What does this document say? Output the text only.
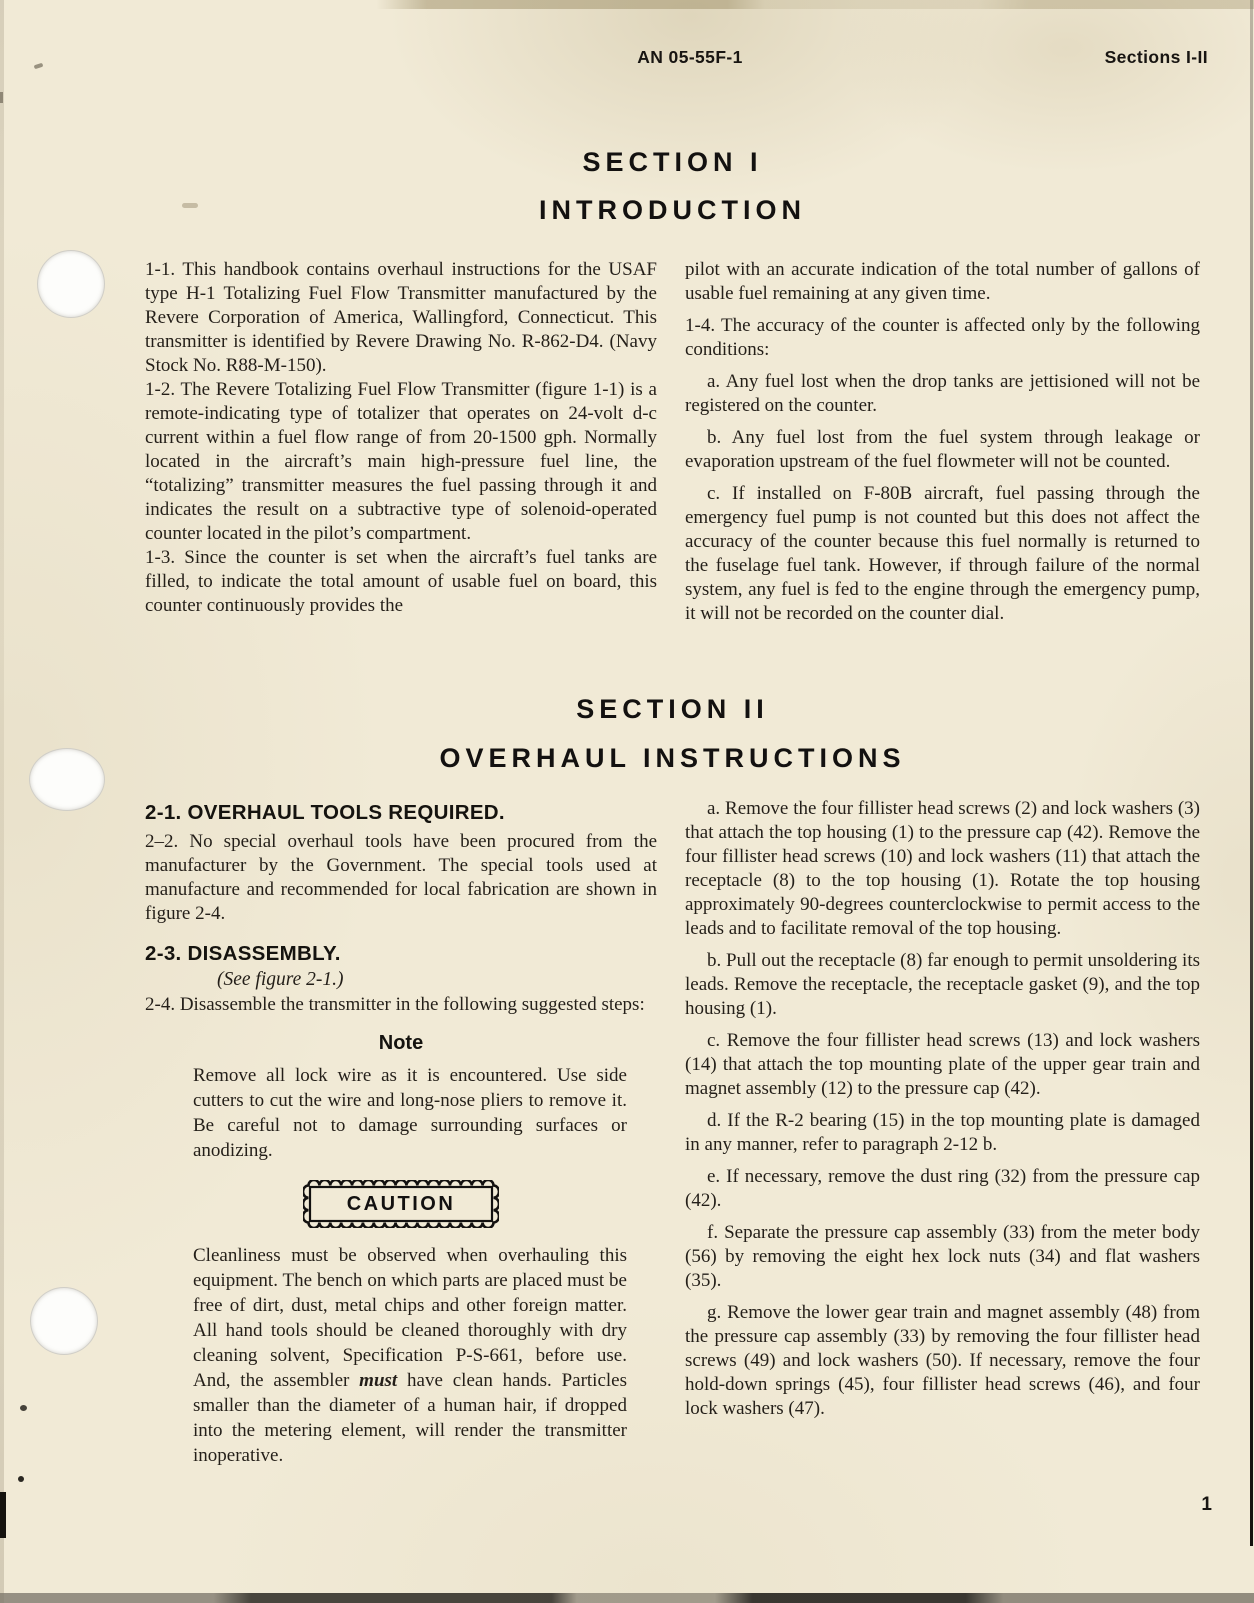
AN 05-55F-1	Sections I-II
SECTION I
INTRODUCTION

1-1. This handbook contains overhaul instructions for the USAF type H-1 Totalizing Fuel Flow Transmitter manufactured by the Revere Corporation of America, Wallingford, Connecticut. This transmitter is identified by Revere Drawing No. R-862-D4. (Navy Stock No. R88-M-150).

1-2. The Revere Totalizing Fuel Flow Transmitter (figure 1-1) is a remote-indicating type of totalizer that operates on 24-volt d-c current within a fuel flow range of from 20-1500 gph. Normally located in the aircraft’s main high-pressure fuel line, the “totalizing” transmitter measures the fuel passing through it and indicates the result on a subtractive type of solenoid-operated counter located in the pilot’s compartment.

1-3. Since the counter is set when the aircraft’s fuel tanks are filled, to indicate the total amount of usable fuel on board, this counter continuously provides the

pilot with an accurate indication of the total number of gallons of usable fuel remaining at any given time.

1-4. The accuracy of the counter is affected only by the following conditions:

a. Any fuel lost when the drop tanks are jettisioned will not be registered on the counter.

b. Any fuel lost from the fuel system through leakage or evaporation upstream of the fuel flowmeter will not be counted.

c. If installed on F-80B aircraft, fuel passing through the emergency fuel pump is not counted but this does not affect the accuracy of the counter because this fuel normally is returned to the fuselage fuel tank. However, if through failure of the normal system, any fuel is fed to the engine through the emergency pump, it will not be recorded on the counter dial.

SECTION II
OVERHAUL INSTRUCTIONS
2-1. OVERHAUL TOOLS REQUIRED.

2–2. No special overhaul tools have been procured from the manufacturer by the Government. The special tools used at manufacture and recommended for local fabrication are shown in figure 2-4.

2-3. DISASSEMBLY.

(See figure 2-1.)

2-4. Disassemble the transmitter in the following suggested steps:

Note

Remove all lock wire as it is encountered. Use side cutters to cut the wire and long-nose pliers to remove it. Be careful not to damage surrounding surfaces or anodizing.

CAUTION

Cleanliness must be observed when overhauling this equipment. The bench on which parts are placed must be free of dirt, dust, metal chips and other foreign matter. All hand tools should be cleaned thoroughly with dry cleaning solvent, Specification P-S-661, before use. And, the assembler must have clean hands. Particles smaller than the diameter of a human hair, if dropped into the metering element, will render the transmitter inoperative.

a. Remove the four fillister head screws (2) and lock washers (3) that attach the top housing (1) to the pressure cap (42). Remove the four fillister head screws (10) and lock washers (11) that attach the receptacle (8) to the top housing (1). Rotate the top housing approximately 90-degrees counterclockwise to permit access to the leads and to facilitate removal of the top housing.

b. Pull out the receptacle (8) far enough to permit unsoldering its leads. Remove the receptacle, the receptacle gasket (9), and the top housing (1).

c. Remove the four fillister head screws (13) and lock washers (14) that attach the top mounting plate of the upper gear train and magnet assembly (12) to the pressure cap (42).

d. If the R-2 bearing (15) in the top mounting plate is damaged in any manner, refer to paragraph 2-12 b.

e. If necessary, remove the dust ring (32) from the pressure cap (42).

f. Separate the pressure cap assembly (33) from the meter body (56) by removing the eight hex lock nuts (34) and flat washers (35).

g. Remove the lower gear train and magnet assembly (48) from the pressure cap assembly (33) by removing the four fillister head screws (49) and lock washers (50). If necessary, remove the four hold-down springs (45), four fillister head screws (46), and four lock washers (47).

1
